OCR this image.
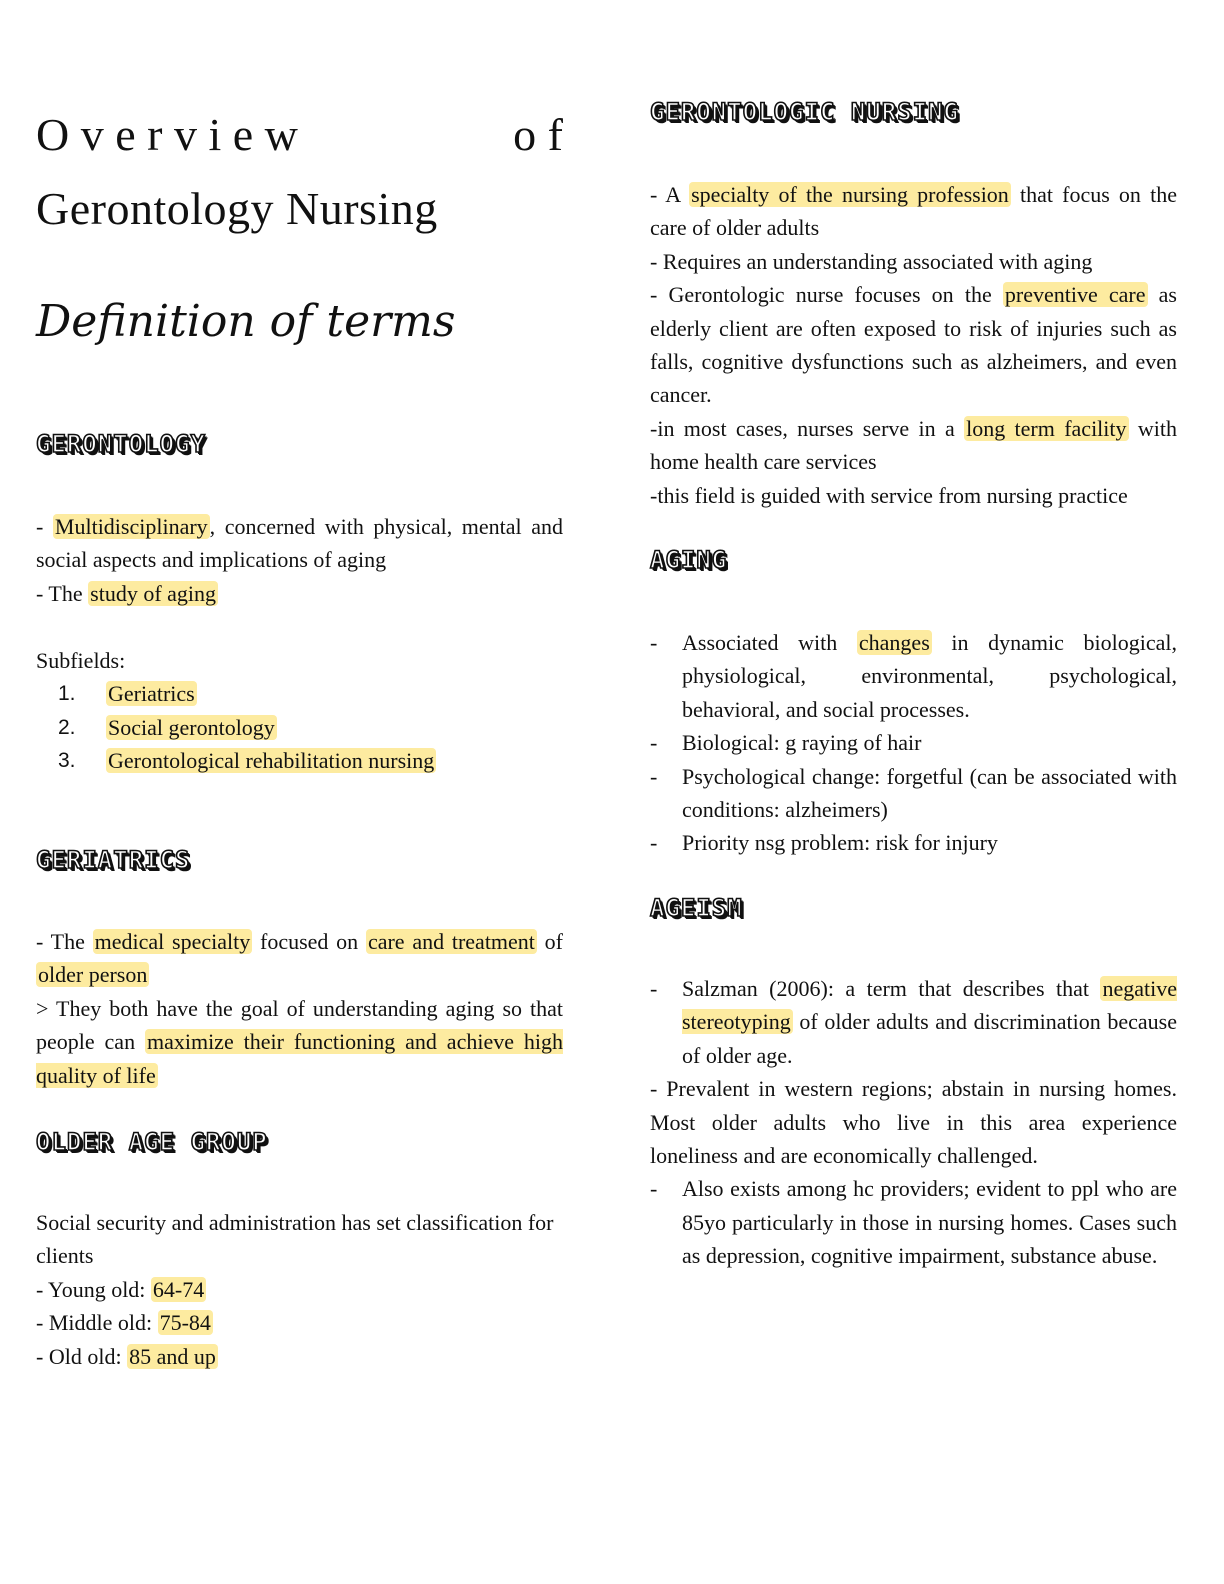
O v e r v i e w	o f
Gerontology Nursing
Definition of terms
GERONTOLOGY

- Multidisciplinary, concerned with physical, mental and social aspects and implications of aging

- The study of aging

Subfields:

1. Geriatrics
2. Social gerontology
3. Gerontological rehabilitation nursing
GERIATRICS

- The medical specialty focused on care and treatment of older person

> They both have the goal of understanding aging so that people can maximize their functioning and achieve high quality of life

OLDER AGE GROUP

Social security and administration has set classification for clients

- Young old: 64-74

- Middle old: 75-84

- Old old: 85 and up

GERONTOLOGIC NURSING

- A specialty of the nursing profession that focus on the care of older adults

- Requires an understanding associated with aging

- Gerontologic nurse focuses on the preventive care as elderly client are often exposed to risk of injuries such as falls, cognitive dysfunctions such as alzheimers, and even cancer.

-in most cases, nurses serve in a long term facility with home health care services

-this field is guided with service from nursing practice

AGING
- Associated with changes in dynamic biological, physiological, environmental, psychological, behavioral, and social processes.
- Biological: g raying of hair
- Psychological change: forgetful (can be associated with conditions: alzheimers)
- Priority nsg problem: risk for injury
AGEISM
- Salzman (2006): a term that describes that negative stereotyping of older adults and discrimination because of older age.

- Prevalent in western regions; abstain in nursing homes. Most older adults who live in this area experience loneliness and are economically challenged.

- Also exists among hc providers; evident to ppl who are 85yo particularly in those in nursing homes. Cases such as depression, cognitive impairment, substance abuse.
